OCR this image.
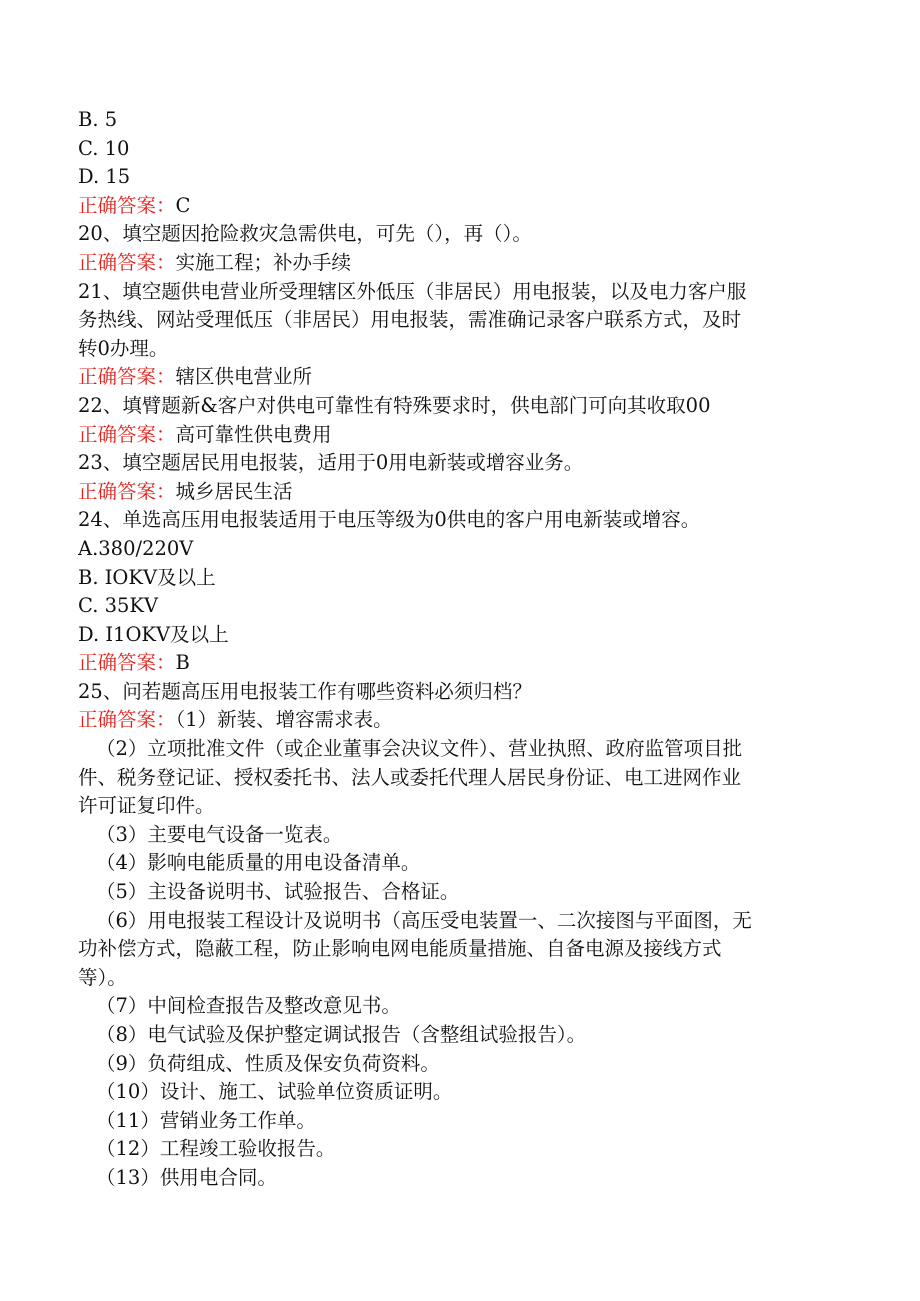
B. 5

C. 10

D. 15

正确答案：C

20、填空题因抢险救灾急需供电，可先（），再（）。

正确答案：实施工程；补办手续

21、填空题供电营业所受理辖区外低压（非居民）用电报装，以及电力客户服

务热线、网站受理低压（非居民）用电报装，需准确记录客户联系方式，及时

转0办理。

正确答案：辖区供电营业所

22、填臂题新&客户对供电可靠性有特殊要求时，供电部门可向其收取00

正确答案：高可靠性供电费用

23、填空题居民用电报装，适用于0用电新装或增容业务。

正确答案：城乡居民生活

24、单选高压用电报装适用于电压等级为0供电的客户用电新装或增容。

A.380/220V

B. IOKV及以上

C. 35KV

D. I1OKV及以上

正确答案：B

25、问若题高压用电报装工作有哪些资料必须归档？

正确答案：（1）新装、增容需求表。

（2）立项批准文件（或企业董事会决议文件）、营业执照、政府监管项目批

件、税务登记证、授权委托书、法人或委托代理人居民身份证、电工进网作业

许可证复印件。

（3）主要电气设备一览表。

（4）影响电能质量的用电设备清单。

（5）主设备说明书、试验报告、合格证。

（6）用电报装工程设计及说明书（高压受电装置一、二次接图与平面图，无

功补偿方式，隐蔽工程，防止影响电网电能质量措施、自备电源及接线方式

等）。

（7）中间检查报告及整改意见书。

（8）电气试验及保护整定调试报告（含整组试验报告）。

（9）负荷组成、性质及保安负荷资料。

（10）设计、施工、试验单位资质证明。

（11）营销业务工作单。

（12）工程竣工验收报告。

（13）供用电合同。
